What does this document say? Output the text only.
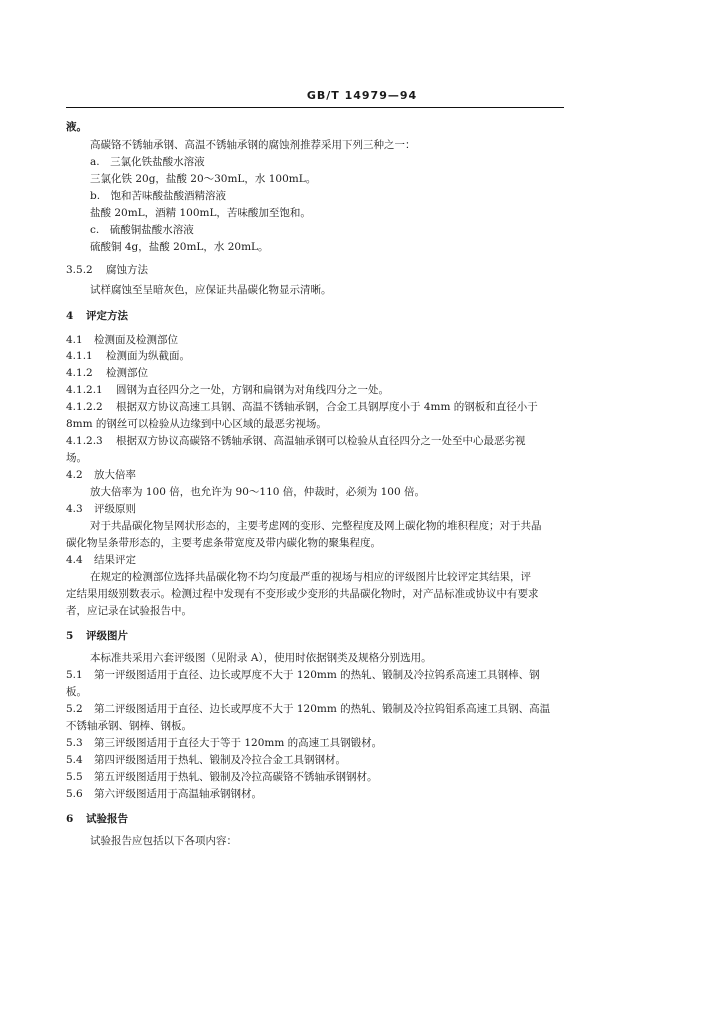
GB/T 14979—94
液。
高碳铬不锈轴承钢、高温不锈轴承钢的腐蚀剂推荐采用下列三种之一：
a.　三氯化铁盐酸水溶液
三氯化铁 20g，盐酸 20～30mL，水 100mL。
b.　饱和苦味酸盐酸酒精溶液
盐酸 20mL，酒精 100mL，苦味酸加至饱和。
c.　硫酸铜盐酸水溶液
硫酸铜 4g，盐酸 20mL，水 20mL。
3.5.2 腐蚀方法
试样腐蚀至呈暗灰色，应保证共晶碳化物显示清晰。
4 评定方法
4.1 检测面及检测部位
4.1.1 检测面为纵截面。
4.1.2 检测部位
4.1.2.1 圆钢为直径四分之一处，方钢和扁钢为对角线四分之一处。
4.1.2.2 根据双方协议高速工具钢、高温不锈轴承钢，合金工具钢厚度小于 4mm 的钢板和直径小于
8mm 的钢丝可以检验从边缘到中心区域的最恶劣视场。
4.1.2.3 根据双方协议高碳铬不锈轴承钢、高温轴承钢可以检验从直径四分之一处至中心最恶劣视
场。
4.2 放大倍率
放大倍率为 100 倍，也允许为 90～110 倍，仲裁时，必须为 100 倍。
4.3 评级原则
对于共晶碳化物呈网状形态的，主要考虑网的变形、完整程度及网上碳化物的堆积程度；对于共晶
碳化物呈条带形态的，主要考虑条带宽度及带内碳化物的聚集程度。
4.4 结果评定
在规定的检测部位选择共晶碳化物不均匀度最严重的视场与相应的评级图片比较评定其结果，评
定结果用级别数表示。检测过程中发现有不变形或少变形的共晶碳化物时，对产品标准或协议中有要求
者，应记录在试验报告中。
5 评级图片
本标准共采用六套评级图（见附录 A），使用时依据钢类及规格分别选用。
5.1 第一评级图适用于直径、边长或厚度不大于 120mm 的热轧、锻制及冷拉钨系高速工具钢棒、钢
板。
5.2 第二评级图适用于直径、边长或厚度不大于 120mm 的热轧、锻制及冷拉钨钼系高速工具钢、高温
不锈轴承钢、钢棒、钢板。
5.3 第三评级图适用于直径大于等于 120mm 的高速工具钢锻材。
5.4 第四评级图适用于热轧、锻制及冷拉合金工具钢钢材。
5.5 第五评级图适用于热轧、锻制及冷拉高碳铬不锈轴承钢钢材。
5.6 第六评级图适用于高温轴承钢钢材。
6 试验报告
试验报告应包括以下各项内容：
